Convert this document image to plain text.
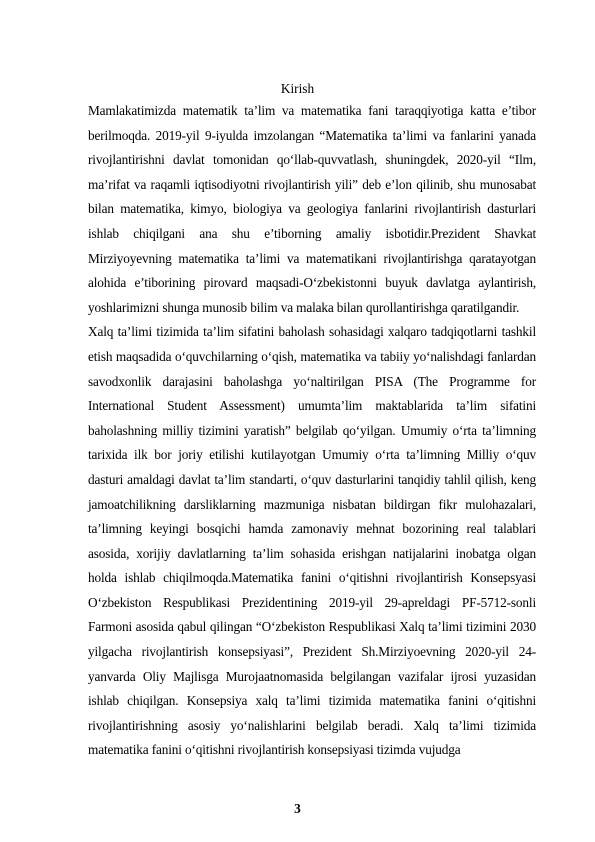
Kirish

Mamlakatimizda matematik ta’lim va matematika fani taraqqiyotiga katta e’tibor berilmoqda. 2019-yil 9-iyulda imzolangan “Matematika ta’limi va fanlarini yanada rivojlantirishni davlat tomonidan qo‘llab-quvvatlash, shuningdek, 2020-yil “Ilm, ma’rifat va raqamli iqtisodiyotni rivojlantirish yili” deb e’lon qilinib, shu munosabat bilan matematika, kimyo, biologiya va geologiya fanlarini rivojlantirish dasturlari ishlab chiqilgani ana shu e’tiborning amaliy isbotidir.Prezident Shavkat Mirziyoyevning matematika ta’limi va matematikani rivojlantirishga qaratayotgan alohida e’tiborining pirovard maqsadi-O‘zbekistonni buyuk davlatga aylantirish, yoshlarimizni shunga munosib bilim va malaka bilan qurollantirishga qaratilgandir.

Xalq ta’limi tizimida ta’lim sifatini baholash sohasidagi xalqaro tadqiqotlarni tashkil etish maqsadida o‘quvchilarning o‘qish, matematika va tabiiy yo‘nalishdagi fanlardan savodxonlik darajasini baholashga yo‘naltirilgan PISA (The Programme for International Student Assessment) umumta’lim maktablarida ta’lim sifatini baholashning milliy tizimini yaratish” belgilab qo‘yilgan. Umumiy o‘rta ta’limning tarixida ilk bor joriy etilishi kutilayotgan Umumiy o‘rta ta’limning Milliy o‘quv dasturi amaldagi davlat ta’lim standarti, o‘quv dasturlarini tanqidiy tahlil qilish, keng jamoatchilikning darsliklarning mazmuniga nisbatan bildirgan fikr mulohazalari, ta’limning keyingi bosqichi hamda zamonaviy mehnat bozorining real talablari asosida, xorijiy davlatlarning ta’lim sohasida erishgan natijalarini inobatga olgan holda ishlab chiqilmoqda.Matematika fanini o‘qitishni rivojlantirish Konsepsyasi O‘zbekiston Respublikasi Prezidentining 2019-yil 29-apreldagi PF-5712-sonli Farmoni asosida qabul qilingan “O‘zbekiston Respublikasi Xalq ta’limi tizimini 2030 yilgacha rivojlantirish konsepsiyasi”, Prezident Sh.Mirziyoevning 2020-yil 24- yanvarda Oliy Majlisga Murojaatnomasida belgilangan vazifalar ijrosi yuzasidan ishlab chiqilgan. Konsepsiya xalq ta’limi tizimida matematika fanini o‘qitishni rivojlantirishning asosiy yo‘nalishlarini belgilab beradi. Xalq ta’limi tizimida matematika fanini o‘qitishni rivojlantirish konsepsiyasi tizimda vujudga

3
